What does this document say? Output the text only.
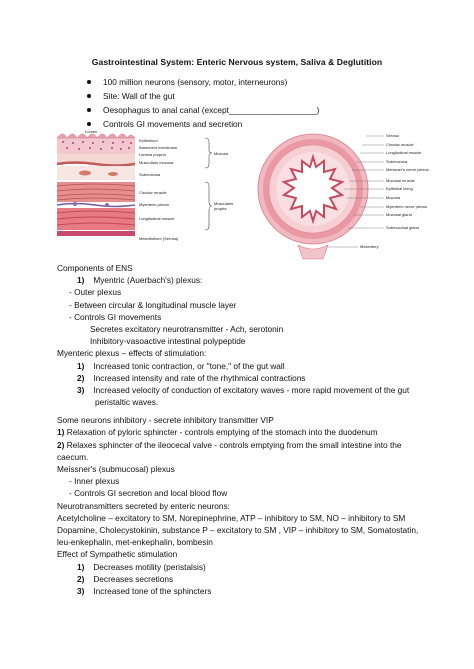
Gastrointestinal System: Enteric Nervous system, Saliva & Deglutition
100 million neurons (sensory, motor, interneurons)
Site: Wall of the gut
Oesophagus to anal canal (except___________________)
Controls GI movements and secretion
Lumen
Epithelium
Basement membrane
Lamina propria
Muscularis mucosa
Submucosa
Circular muscle
Myenteric plexus
Longitudinal muscle
Mesothelium (Serosa)
Mucosa
Muscularis propria
Serosa
Circular muscle
Longitudinal muscle
Submucosa
Meissner's nerve plexus
Mucosal muscle
Epithelial lining
Mucosa
Myenteric nerve plexus
Mucosal gland
Submucosal gland
Mesentery
Components of ENS
1) Myentric (Auerbach's) plexus:
- Outer plexus
- Between circular & longitudinal muscle layer
- Controls GI movements
Secretes excitatory neurotransmitter - Ach, serotonin
Inhibitory-vasoactive intestinal polypeptide
Myenteric plexus – effects of stimulation:
1) Increased tonic contraction, or "tone," of the gut wall
2) Increased intensity and rate of the rhythmical contractions
3) Increased velocity of conduction of excitatory waves - more rapid movement of the gut
peristaltic waves.
Some neurons inhibitory - secrete inhibitory transmitter VIP
1) Relaxation of pyloric sphincter - controls emptying of the stomach into the duodenum
2) Relaxes sphincter of the ileocecal valve - controls emptying from the small intestine into the
caecum.
Meissner's (submucosal) plexus
- Inner plexus
- Controls GI secretion and local blood flow
Neurotransmitters secreted by enteric neurons:
Acetylcholine – excitatory to SM, Norepinephrine, ATP – inhibitory to SM, NO – inhibitory to SM
Dopamine, Cholecystokinin, substance P – excitatory to SM , VIP – inhibitory to SM, Somatostatin,
leu-enkephalin, met-enkephalin, bombesin
Effect of Sympathetic stimulation
1) Decreases motility (peristalsis)
2) Decreases secretions
3) Increased tone of the sphincters
